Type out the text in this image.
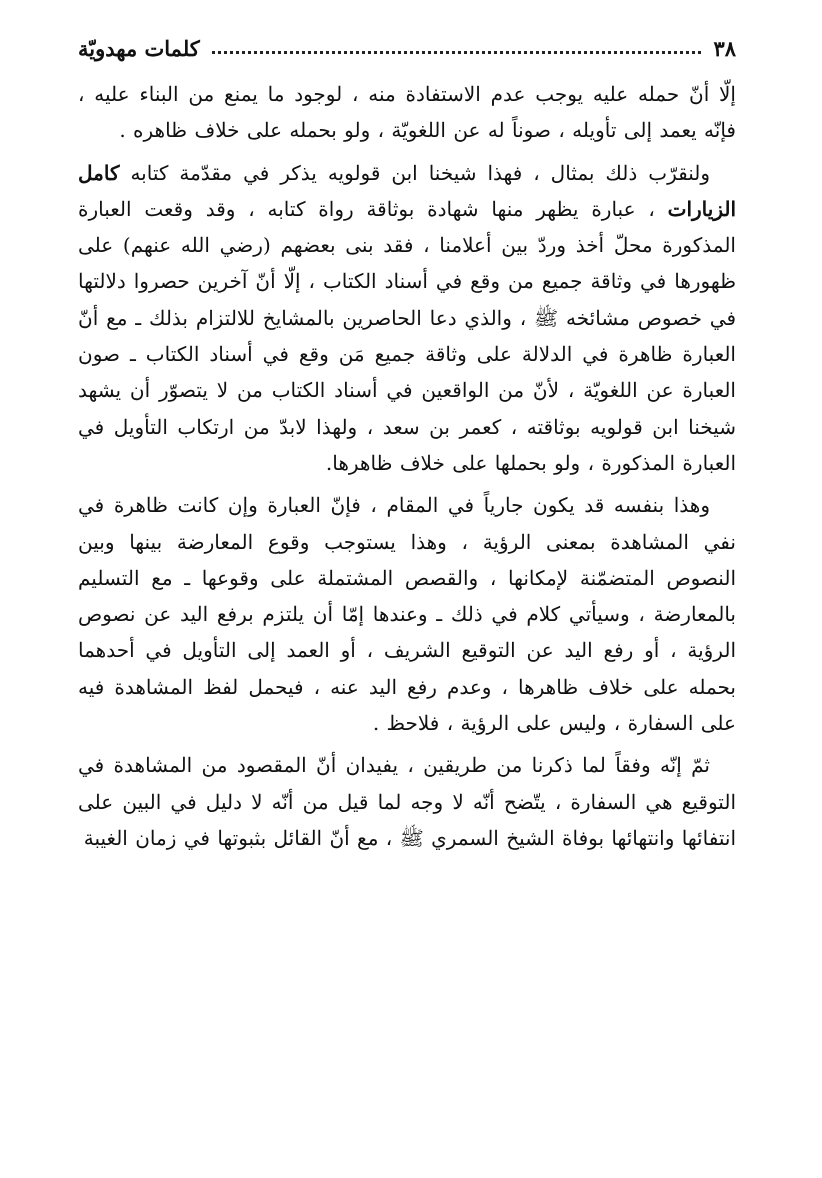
٣٨
كلمات مهدويّة

إلّا أنّ حمله عليه يوجب عدم الاستفادة منه ، لوجود ما يمنع من البناء عليه ، فإنّه يعمد إلى تأويله ، صوناً له عن اللغويّة ، ولو بحمله على خلاف ظاهره .

ولنقرّب ذلك بمثال ، فهذا شيخنا ابن قولويه يذكر في مقدّمة كتابه كامل الزيارات ، عبارة يظهر منها شهادة بوثاقة رواة كتابه ، وقد وقعت العبارة المذكورة محلّ أخذ وردّ بين أعلامنا ، فقد بنى بعضهم (رضي الله عنهم) على ظهورها في وثاقة جميع من وقع في أسناد الكتاب ، إلّا أنّ آخرين حصروا دلالتها في خصوص مشائخه ﷺ ، والذي دعا الحاصرين بالمشايخ للالتزام بذلك ـ مع أنّ العبارة ظاهرة في الدلالة على وثاقة جميع مَن وقع في أسناد الكتاب ـ صون العبارة عن اللغويّة ، لأنّ من الواقعين في أسناد الكتاب من لا يتصوّر أن يشهد شيخنا ابن قولويه بوثاقته ، كعمر بن سعد ، ولهذا لابدّ من ارتكاب التأويل في العبارة المذكورة ، ولو بحملها على خلاف ظاهرها.

وهذا بنفسه قد يكون جارياً في المقام ، فإنّ العبارة وإن كانت ظاهرة في نفي المشاهدة بمعنى الرؤية ، وهذا يستوجب وقوع المعارضة بينها وبين النصوص المتضمّنة لإمكانها ، والقصص المشتملة على وقوعها ـ مع التسليم بالمعارضة ، وسيأتي كلام في ذلك ـ وعندها إمّا أن يلتزم برفع اليد عن نصوص الرؤية ، أو رفع اليد عن التوقيع الشريف ، أو العمد إلى التأويل في أحدهما بحمله على خلاف ظاهرها ، وعدم رفع اليد عنه ، فيحمل لفظ المشاهدة فيه على السفارة ، وليس على الرؤية ، فلاحظ .

ثمّ إنّه وفقاً لما ذكرنا من طريقين ، يفيدان أنّ المقصود من المشاهدة في التوقيع هي السفارة ، يتّضح أنّه لا وجه لما قيل من أنّه لا دليل في البين على انتفائها وانتهائها بوفاة الشيخ السمري ﷺ ، مع أنّ القائل بثبوتها في زمان الغيبة
